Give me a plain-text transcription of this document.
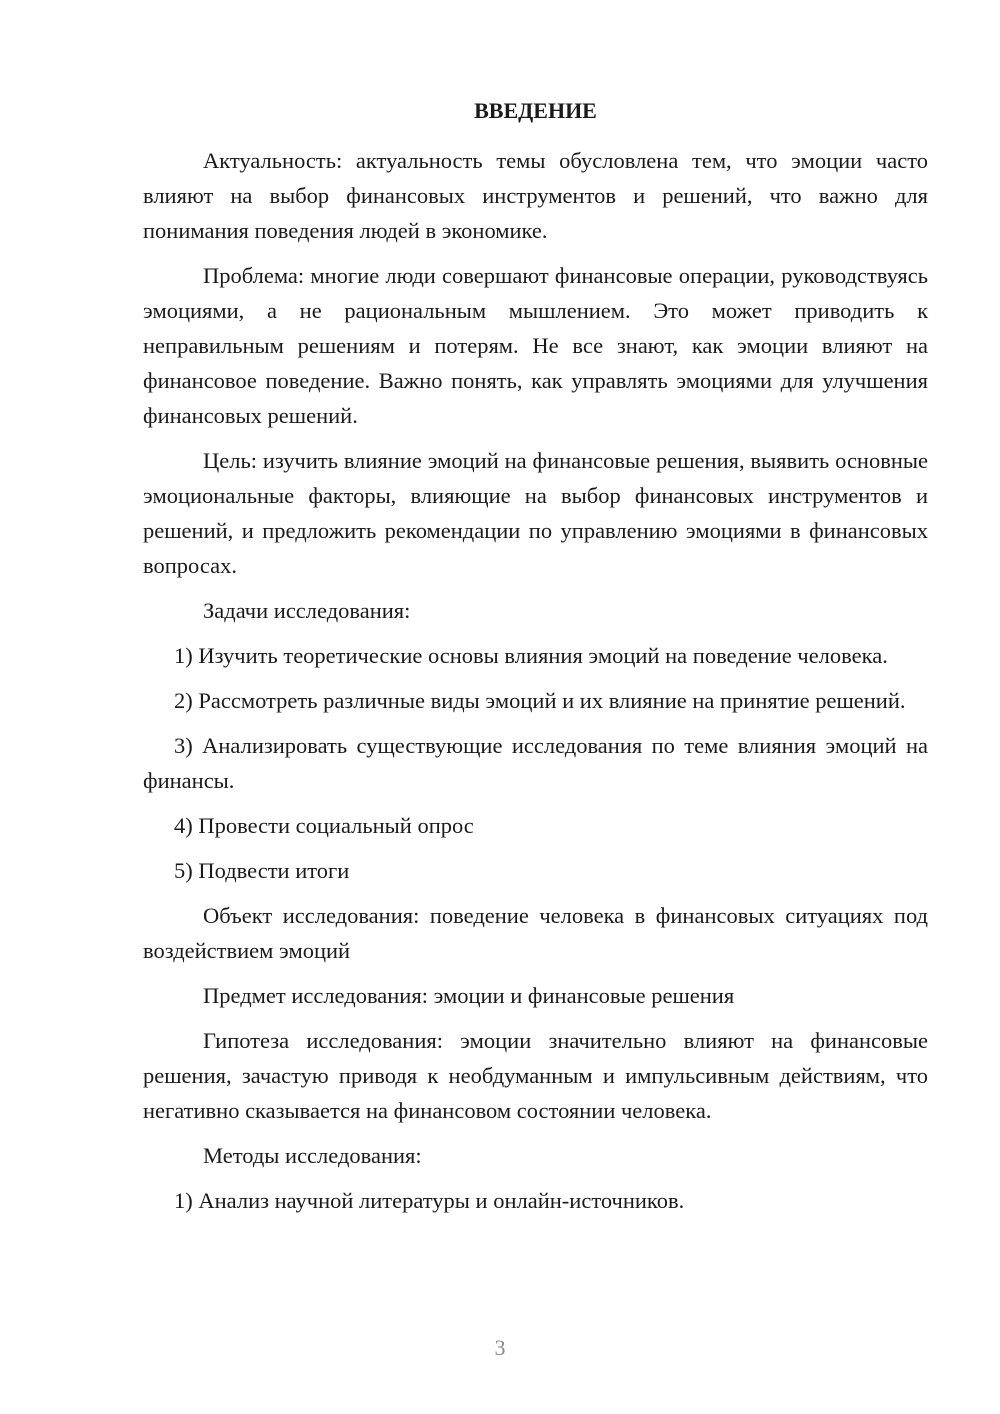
ВВЕДЕНИЕ

Актуальность: актуальность темы обусловлена тем, что эмоции часто влияют на выбор финансовых инструментов и решений, что важно для понимания поведения людей в экономике.

Проблема: многие люди совершают финансовые операции, руководствуясь эмоциями, а не рациональным мышлением. Это может приводить к неправильным решениям и потерям. Не все знают, как эмоции влияют на финансовое поведение. Важно понять, как управлять эмоциями для улучшения финансовых решений.

Цель: изучить влияние эмоций на финансовые решения, выявить основные эмоциональные факторы, влияющие на выбор финансовых инструментов и решений, и предложить рекомендации по управлению эмоциями в финансовых вопросах.

Задачи исследования:

1) Изучить теоретические основы влияния эмоций на поведение человека.

2) Рассмотреть различные виды эмоций и их влияние на принятие решений.

3) Анализировать существующие исследования по теме влияния эмоций на финансы.

4) Провести социальный опрос

5) Подвести итоги

Объект исследования: поведение человека в финансовых ситуациях под воздействием эмоций

Предмет исследования: эмоции и финансовые решения

Гипотеза исследования: эмоции значительно влияют на финансовые решения, зачастую приводя к необдуманным и импульсивным действиям, что негативно сказывается на финансовом состоянии человека.

Методы исследования:

1) Анализ научной литературы и онлайн-источников.

3
